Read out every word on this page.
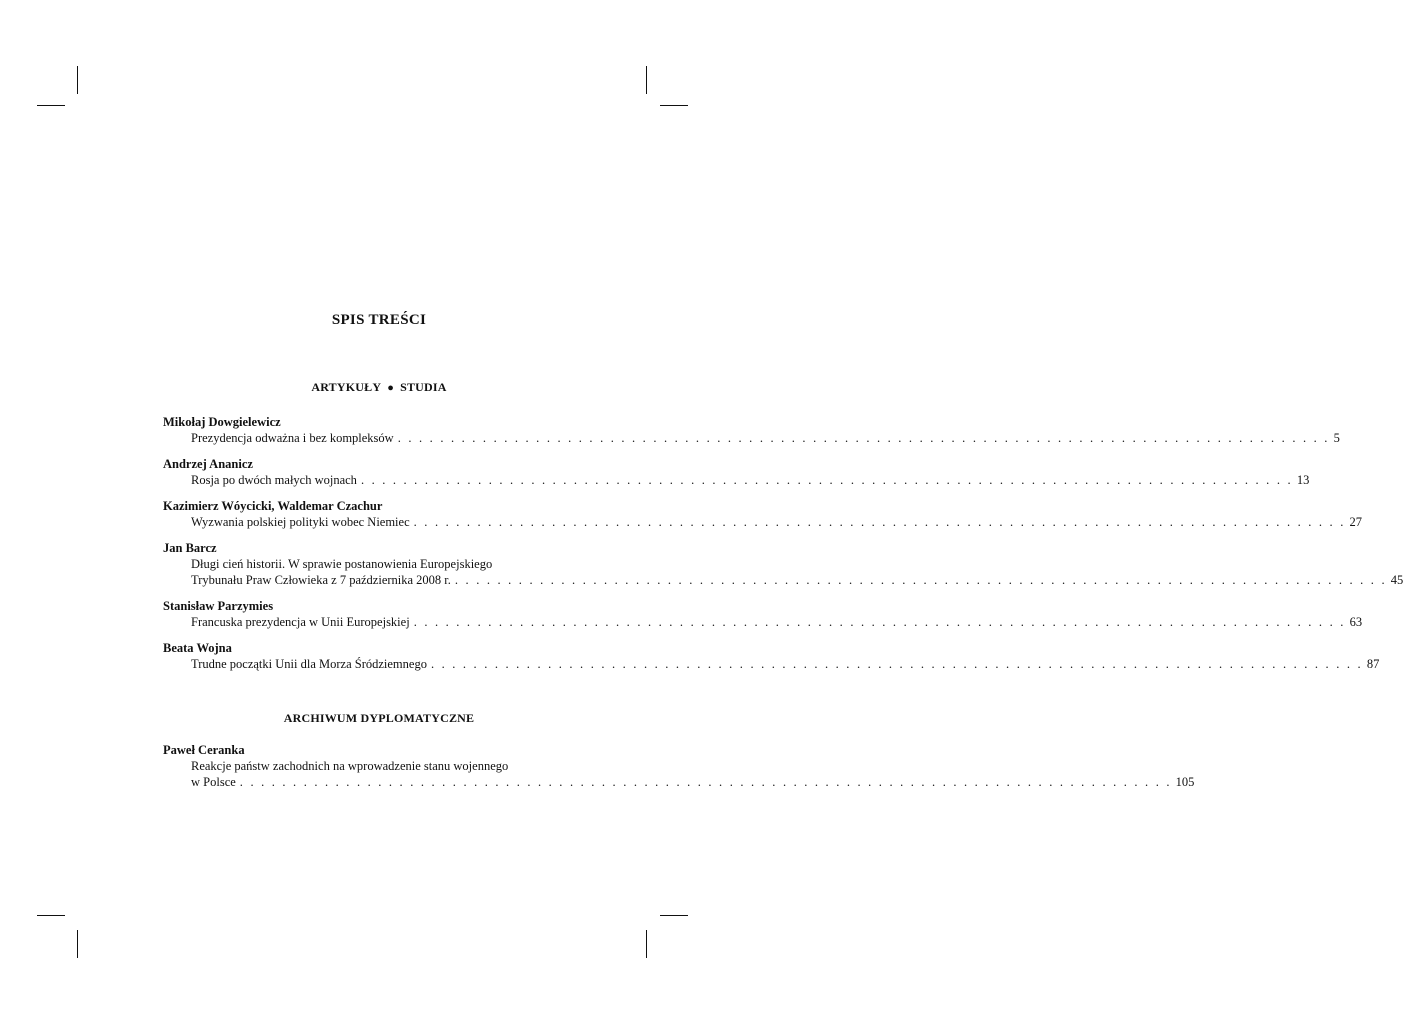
SPIS TREŚCI
ARTYKUŁY ● STUDIA
Mikołaj Dowgielewicz
Prezydencja odważna i bez kompleksów . . . . . . . . . . . . . . . . . . . . . . . . . . . . . . . . . . . . . . . . . . . . . . . . . . . . . . . . . . . . . . . . . . . . . . . . . . . . . . . . . . . . . . . . 5
Andrzej Ananicz
Rosja po dwóch małych wojnach . . . . . . . . . . . . . . . . . . . . . . . . . . . . . . . . . . . . . . . . . . . . . . . . . . . . . . . . . . . . . . . . . . . . . . . . . . . . . . . . . . . . . . . . 13
Kazimierz Wóycicki, Waldemar Czachur
Wyzwania polskiej polityki wobec Niemiec . . . . . . . . . . . . . . . . . . . . . . . . . . . . . . . . . . . . . . . . . . . . . . . . . . . . . . . . . . . . . . . . . . . . . . . . . . . . . . . . . . . . . . . . 27
Jan Barcz
Długi cień historii. W sprawie postanowienia Europejskiego
Trybunału Praw Człowieka z 7 października 2008 r. . . . . . . . . . . . . . . . . . . . . . . . . . . . . . . . . . . . . . . . . . . . . . . . . . . . . . . . . . . . . . . . . . . . . . . . . . . . . . . . . . . . . . . . . 45
Stanisław Parzymies
Francuska prezydencja w Unii Europejskiej . . . . . . . . . . . . . . . . . . . . . . . . . . . . . . . . . . . . . . . . . . . . . . . . . . . . . . . . . . . . . . . . . . . . . . . . . . . . . . . . . . . . . . . . 63
Beata Wojna
Trudne początki Unii dla Morza Śródziemnego . . . . . . . . . . . . . . . . . . . . . . . . . . . . . . . . . . . . . . . . . . . . . . . . . . . . . . . . . . . . . . . . . . . . . . . . . . . . . . . . . . . . . . . . 87
ARCHIWUM DYPLOMATYCZNE
Paweł Ceranka
Reakcje państw zachodnich na wprowadzenie stanu wojennego
w Polsce . . . . . . . . . . . . . . . . . . . . . . . . . . . . . . . . . . . . . . . . . . . . . . . . . . . . . . . . . . . . . . . . . . . . . . . . . . . . . . . . . . . . . . . . 105
